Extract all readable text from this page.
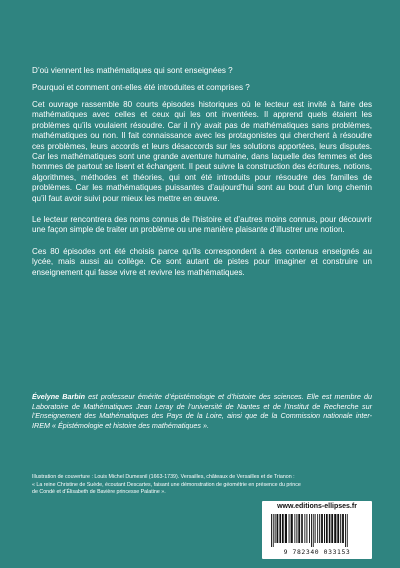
D’où viennent les mathématiques qui sont enseignées ?

Pourquoi et comment ont-elles été introduites et comprises ?

Cet ouvrage rassemble 80 courts épisodes historiques où le lecteur est invité à faire des mathématiques avec celles et ceux qui les ont inventées. Il apprend quels étaient les problèmes qu’ils voulaient résoudre. Car il n’y avait pas de mathématiques sans problèmes, mathématiques ou non. Il fait connaissance avec les protagonistes qui cherchent à résoudre ces problèmes, leurs accords et leurs désaccords sur les solutions apportées, leurs disputes. Car les mathématiques sont une grande aventure humaine, dans laquelle des femmes et des hommes de partout se lisent et échangent. Il peut suivre la construction des écritures, notions, algorithmes, méthodes et théories, qui ont été introduits pour résoudre des familles de problèmes. Car les mathématiques puissantes d’aujourd’hui sont au bout d’un long chemin qu’il faut avoir suivi pour mieux les mettre en œuvre.

Le lecteur rencontrera des noms connus de l’histoire et d’autres moins connus, pour découvrir une façon simple de traiter un problème ou une manière plaisante d’illustrer une notion.

Ces 80 épisodes ont été choisis parce qu’ils correspondent à des contenus enseignés au lycée, mais aussi au collège. Ce sont autant de pistes pour imaginer et construire un enseignement qui fasse vivre et revivre les mathématiques.

Évelyne Barbin est professeur émérite d’épistémologie et d’histoire des sciences. Elle est membre du Laboratoire de Mathématiques Jean Leray de l’université de Nantes et de l’Institut de Recherche sur l’Enseignement des Mathématiques des Pays de la Loire, ainsi que de la Commission nationale inter-IREM « Épistémologie et histoire des mathématiques ».

Illustration de couverture : Louis Michel Dumesnil (1663-1739). Versailles, châteaux de Versailles et de Trianon :

« La reine Christine de Suède, écoutant Descartes, faisant une démonstration de géométrie en présence du prince

de Condé et d’Élisabeth de Bavière princesse Palatine ».

www.editions-ellipses.fr
9 782340 033153
